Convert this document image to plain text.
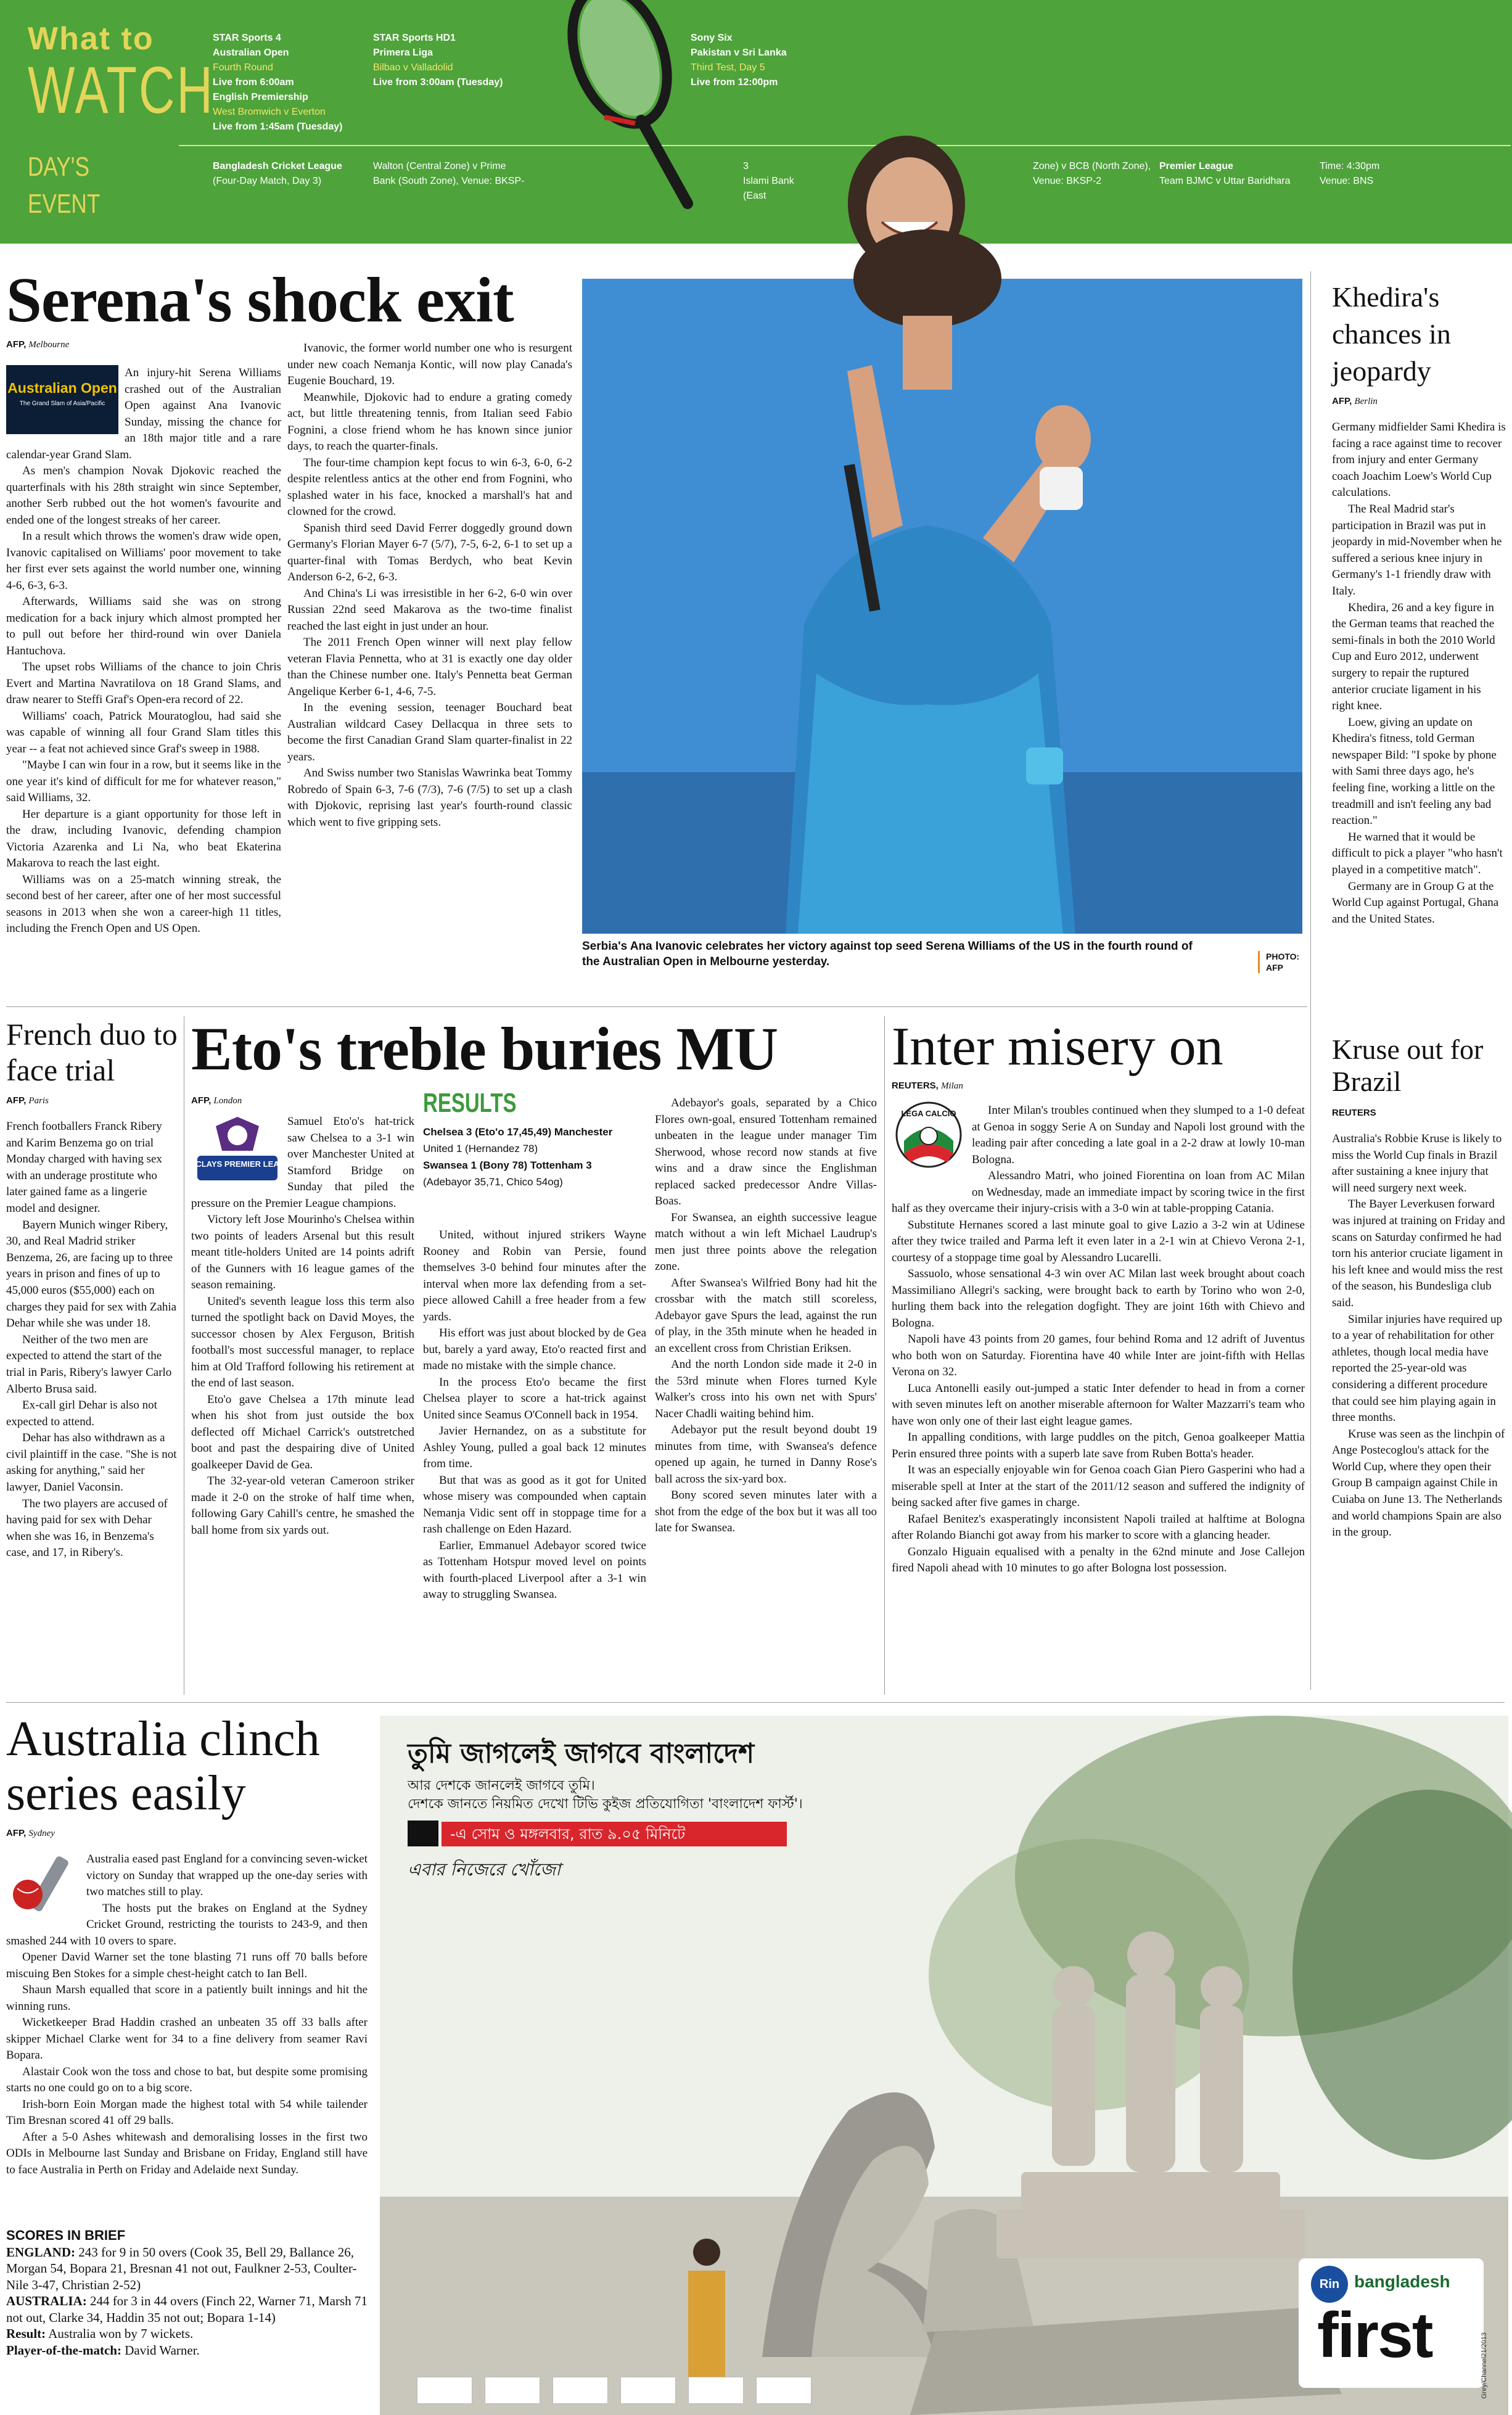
What to
WATCH
DAY'S EVENT
STAR Sports 4
Australian Open
Fourth Round
Live from 6:00am
English Premiership
West Bromwich v Everton
Live from 1:45am (Tuesday)
STAR Sports HD1
Primera Liga
Bilbao v Valladolid
Live from 3:00am (Tuesday)
Sony Six
Pakistan v Sri Lanka
Third Test, Day 5
Live from 12:00pm
Bangladesh Cricket League
(Four-Day Match, Day 3)
Walton (Central Zone) v Prime
Bank (South Zone), Venue: BKSP-
3
Islami Bank (East
Zone) v BCB (North Zone),
Venue: BKSP-2
Premier League
Team BJMC v Uttar Baridhara
Time: 4:30pm
Venue: BNS
Serena's shock exit
AFP, Melbourne
Australian Open
The Grand Slam of Asia/Pacific

An injury-hit Serena Williams crashed out of the Australian Open against Ana Ivanovic Sunday, missing the chance for an 18th major title and a rare calendar-year Grand Slam.

As men's champion Novak Djokovic reached the quarterfinals with his 28th straight win since September, another Serb rubbed out the hot women's favourite and ended one of the longest streaks of her career.

In a result which throws the women's draw wide open, Ivanovic capitalised on Williams' poor movement to take her first ever sets against the world number one, winning 4-6, 6-3, 6-3.

Afterwards, Williams said she was on strong medication for a back injury which almost prompted her to pull out before her third-round win over Daniela Hantuchova.

The upset robs Williams of the chance to join Chris Evert and Martina Navratilova on 18 Grand Slams, and draw nearer to Steffi Graf's Open-era record of 22.

Williams' coach, Patrick Mouratoglou, had said she was capable of winning all four Grand Slam titles this year -- a feat not achieved since Graf's sweep in 1988.

"Maybe I can win four in a row, but it seems like in the one year it's kind of difficult for me for whatever reason," said Williams, 32.

Her departure is a giant opportunity for those left in the draw, including Ivanovic, defending champion Victoria Azarenka and Li Na, who beat Ekaterina Makarova to reach the last eight.

Williams was on a 25-match winning streak, the second best of her career, after one of her most successful seasons in 2013 when she won a career-high 11 titles, including the French Open and US Open.

Ivanovic, the former world number one who is resurgent under new coach Nemanja Kontic, will now play Canada's Eugenie Bouchard, 19.

Meanwhile, Djokovic had to endure a grating comedy act, but little threatening tennis, from Italian seed Fabio Fognini, a close friend whom he has known since junior days, to reach the quarter-finals.

The four-time champion kept focus to win 6-3, 6-0, 6-2 despite relentless antics at the other end from Fognini, who splashed water in his face, knocked a marshall's hat and clowned for the crowd.

Spanish third seed David Ferrer doggedly ground down Germany's Florian Mayer 6-7 (5/7), 7-5, 6-2, 6-1 to set up a quarter-final with Tomas Berdych, who beat Kevin Anderson 6-2, 6-2, 6-3.

And China's Li was irresistible in her 6-2, 6-0 win over Russian 22nd seed Makarova as the two-time finalist reached the last eight in just under an hour.

The 2011 French Open winner will next play fellow veteran Flavia Pennetta, who at 31 is exactly one day older than the Chinese number one. Italy's Pennetta beat German Angelique Kerber 6-1, 4-6, 7-5.

In the evening session, teenager Bouchard beat Australian wildcard Casey Dellacqua in three sets to become the first Canadian Grand Slam quarter-finalist in 22 years.

And Swiss number two Stanislas Wawrinka beat Tommy Robredo of Spain 6-3, 7-6 (7/3), 7-6 (7/5) to set up a clash with Djokovic, reprising last year's fourth-round classic which went to five gripping sets.

Serbia's Ana Ivanovic celebrates her victory against top seed Serena Williams of the US in the fourth round of the Australian Open in Melbourne yesterday.	PHOTO:
AFP
Khedira's chances in jeopardy
AFP, Berlin

Germany midfielder Sami Khedira is facing a race against time to recover from injury and enter Germany coach Joachim Loew's World Cup calculations.

The Real Madrid star's participation in Brazil was put in jeopardy in mid-November when he suffered a serious knee injury in Germany's 1-1 friendly draw with Italy.

Khedira, 26 and a key figure in the German teams that reached the semi-finals in both the 2010 World Cup and Euro 2012, underwent surgery to repair the ruptured anterior cruciate ligament in his right knee.

Loew, giving an update on Khedira's fitness, told German newspaper Bild: "I spoke by phone with Sami three days ago, he's feeling fine, working a little on the treadmill and isn't feeling any bad reaction."

He warned that it would be difficult to pick a player "who hasn't played in a competitive match".

Germany are in Group G at the World Cup against Portugal, Ghana and the United States.

Kruse out for Brazil
REUTERS

Australia's Robbie Kruse is likely to miss the World Cup finals in Brazil after sustaining a knee injury that will need surgery next week.

The Bayer Leverkusen forward was injured at training on Friday and scans on Saturday confirmed he had torn his anterior cruciate ligament in his left knee and would miss the rest of the season, his Bundesliga club said.

Similar injuries have required up to a year of rehabilitation for other athletes, though local media have reported the 25-year-old was considering a different procedure that could see him playing again in three months.

Kruse was seen as the linchpin of Ange Postecoglou's attack for the World Cup, where they open their Group B campaign against Chile in Cuiaba on June 13. The Netherlands and world champions Spain are also in the group.

French duo to face trial
AFP, Paris

French footballers Franck Ribery and Karim Benzema go on trial Monday charged with having sex with an underage prostitute who later gained fame as a lingerie model and designer.

Bayern Munich winger Ribery, 30, and Real Madrid striker Benzema, 26, are facing up to three years in prison and fines of up to 45,000 euros ($55,000) each on charges they paid for sex with Zahia Dehar while she was under 18.

Neither of the two men are expected to attend the start of the trial in Paris, Ribery's lawyer Carlo Alberto Brusa said.

Ex-call girl Dehar is also not expected to attend.

Dehar has also withdrawn as a civil plaintiff in the case. "She is not asking for anything," said her lawyer, Daniel Vaconsin.

The two players are accused of having paid for sex with Dehar when she was 16, in Benzema's case, and 17, in Ribery's.

Eto's treble buries MU
AFP, London
BARCLAYS PREMIER LEAGUE

Samuel Eto'o's hat-trick saw Chelsea to a 3-1 win over Manchester United at Stamford Bridge on Sunday that piled the pressure on the Premier League champions.

Victory left Jose Mourinho's Chelsea within two points of leaders Arsenal but this result meant title-holders United are 14 points adrift of the Gunners with 16 league games of the season remaining.

United's seventh league loss this term also turned the spotlight back on David Moyes, the successor chosen by Alex Ferguson, British football's most successful manager, to replace him at Old Trafford following his retirement at the end of last season.

Eto'o gave Chelsea a 17th minute lead when his shot from just outside the box deflected off Michael Carrick's outstretched boot and past the despairing dive of United goalkeeper David de Gea.

The 32-year-old veteran Cameroon striker made it 2-0 on the stroke of half time when, following Gary Cahill's centre, he smashed the ball home from six yards out.

RESULTS
Chelsea 3 (Eto'o 17,45,49) Manchester
United 1 (Hernandez 78)
Swansea 1 (Bony 78) Tottenham 3
(Adebayor 35,71, Chico 54og)

United, without injured strikers Wayne Rooney and Robin van Persie, found themselves 3-0 behind four minutes after the interval when more lax defending from a set-piece allowed Cahill a free header from a few yards.

His effort was just about blocked by de Gea but, barely a yard away, Eto'o reacted first and made no mistake with the simple chance.

In the process Eto'o became the first Chelsea player to score a hat-trick against United since Seamus O'Connell back in 1954.

Javier Hernandez, on as a substitute for Ashley Young, pulled a goal back 12 minutes from time.

But that was as good as it got for United whose misery was compounded when captain Nemanja Vidic sent off in stoppage time for a rash challenge on Eden Hazard.

Earlier, Emmanuel Adebayor scored twice as Tottenham Hotspur moved level on points with fourth-placed Liverpool after a 3-1 win away to struggling Swansea.

Adebayor's goals, separated by a Chico Flores own-goal, ensured Tottenham remained unbeaten in the league under manager Tim Sherwood, whose record now stands at five wins and a draw since the Englishman replaced sacked predecessor Andre Villas-Boas.

For Swansea, an eighth successive league match without a win left Michael Laudrup's men just three points above the relegation zone.

After Swansea's Wilfried Bony had hit the crossbar with the match still scoreless, Adebayor gave Spurs the lead, against the run of play, in the 35th minute when he headed in an excellent cross from Christian Eriksen.

And the north London side made it 2-0 in the 53rd minute when Flores turned Kyle Walker's cross into his own net with Spurs' Nacer Chadli waiting behind him.

Adebayor put the result beyond doubt 19 minutes from time, with Swansea's defence opened up again, he turned in Danny Rose's ball across the six-yard box.

Bony scored seven minutes later with a shot from the edge of the box but it was all too late for Swansea.

Inter misery on
REUTERS, Milan
LEGA CALCIO	Inter Milan's troubles continued when they slumped to a 1-0 defeat at Genoa in soggy Serie A on Sunday and Napoli lost ground with the leading pair after conceding a late goal in a 2-2 draw at lowly 10-man Bologna.

Alessandro Matri, who joined Fiorentina on loan from AC Milan on Wednesday, made an immediate impact by scoring twice in the first half as they overcame their injury-crisis with a 3-0 win at table-propping Catania.

Substitute Hernanes scored a last minute goal to give Lazio a 3-2 win at Udinese after they twice trailed and Parma left it even later in a 2-1 win at Chievo Verona 2-1, courtesy of a stoppage time goal by Alessandro Lucarelli.

Sassuolo, whose sensational 4-3 win over AC Milan last week brought about coach Massimiliano Allegri's sacking, were brought back to earth by Torino who won 2-0, hurling them back into the relegation dogfight. They are joint 16th with Chievo and Bologna.

Napoli have 43 points from 20 games, four behind Roma and 12 adrift of Juventus who both won on Saturday. Fiorentina have 40 while Inter are joint-fifth with Hellas Verona on 32.

Luca Antonelli easily out-jumped a static Inter defender to head in from a corner with seven minutes left on another miserable afternoon for Walter Mazzarri's team who have won only one of their last eight league games.

In appalling conditions, with large puddles on the pitch, Genoa goalkeeper Mattia Perin ensured three points with a superb late save from Ruben Botta's header.

It was an especially enjoyable win for Genoa coach Gian Piero Gasperini who had a miserable spell at Inter at the start of the 2011/12 season and suffered the indignity of being sacked after five games in charge.

Rafael Benitez's exasperatingly inconsistent Napoli trailed at halftime at Bologna after Rolando Bianchi got away from his marker to score with a glancing header.

Gonzalo Higuain equalised with a penalty in the 62nd minute and Jose Callejon fired Napoli ahead with 10 minutes to go after Bologna lost possession.

Australia clinch series easily
AFP, Sydney

Australia eased past England for a convincing seven-wicket victory on Sunday that wrapped up the one-day series with two matches still to play.

The hosts put the brakes on England at the Sydney Cricket Ground, restricting the tourists to 243-9, and then smashed 244 with 10 overs to spare.

Opener David Warner set the tone blasting 71 runs off 70 balls before miscuing Ben Stokes for a simple chest-height catch to Ian Bell.

Shaun Marsh equalled that score in a patiently built innings and hit the winning runs.

Wicketkeeper Brad Haddin crashed an unbeaten 35 off 33 balls after skipper Michael Clarke went for 34 to a fine delivery from seamer Ravi Bopara.

Alastair Cook won the toss and chose to bat, but despite some promising starts no one could go on to a big score.

Irish-born Eoin Morgan made the highest total with 54 while tailender Tim Bresnan scored 41 off 29 balls.

After a 5-0 Ashes whitewash and demoralising losses in the first two ODIs in Melbourne last Sunday and Brisbane on Friday, England still have to face Australia in Perth on Friday and Adelaide next Sunday.

SCORES IN BRIEF
ENGLAND: 243 for 9 in 50 overs (Cook 35, Bell 29, Ballance 26, Morgan 54, Bopara 21, Bresnan 41 not out, Faulkner 2-53, Coulter-Nile 3-47, Christian 2-52)
AUSTRALIA: 244 for 3 in 44 overs (Finch 22, Warner 71, Marsh 71 not out, Clarke 34, Haddin 35 not out; Bopara 1-14)
Result: Australia won by 7 wickets.
Player-of-the-match: David Warner.
তুমি জাগলেই জাগবে বাংলাদেশ
আর দেশকে জানলেই জাগবে তুমি।
দেশকে জানতে নিয়মিত দেখো টিভি কুইজ প্রতিযোগিতা 'বাংলাদেশ ফার্স্ট'।
-এ সোম ও মঙ্গলবার, রাত ৯.০৫ মিনিটে
এবার নিজেরে খোঁজো
Rin bangladesh
first	Grey/Channel21/2013
